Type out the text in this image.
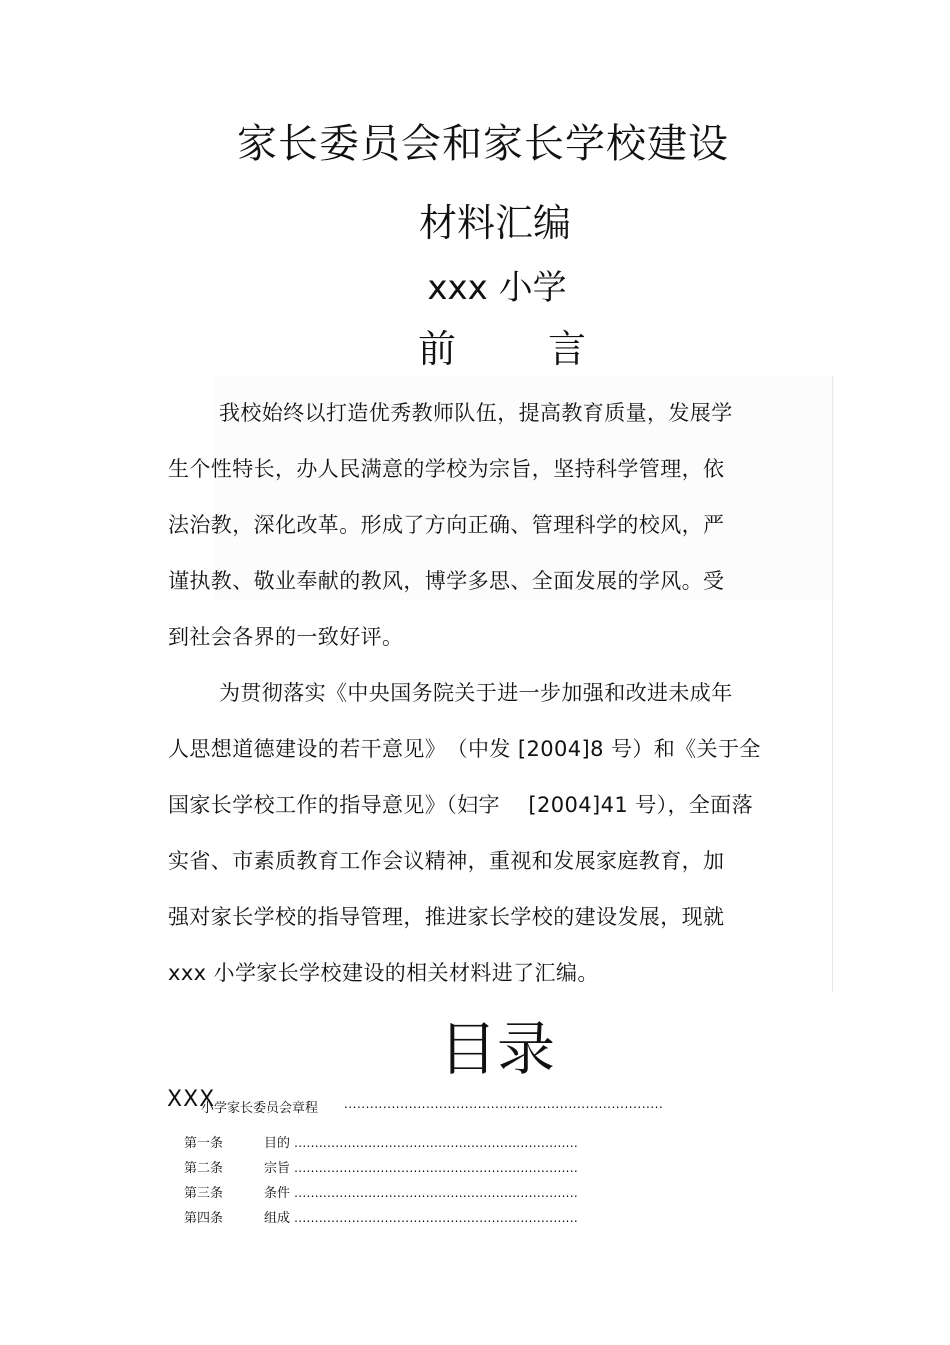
家长委员会和家长学校建设
材料汇编
xxx 小学
前 言
我校始终以打造优秀教师队伍，提高教育质量，发展学
生个性特长，办人民满意的学校为宗旨，坚持科学管理，依
法治教，深化改革。形成了方向正确、管理科学的校风，严
谨执教、敬业奉献的教风，博学多思、全面发展的学风。受
到社会各界的一致好评。
为贯彻落实《中央国务院关于进一步加强和改进未成年
人思想道德建设的若干意见》　（中发 [2004]8 号）和《关于全
国家长学校工作的指导意见》（妇字　 [2004]41 号），全面落
实省、市素质教育工作会议精神，重视和发展家庭教育，加
强对家长学校的指导管理，推进家长学校的建设发展，现就
xxx 小学家长学校建设的相关材料进了汇编。
目录
XXX
小学家长委员会章程 ..........................................................................
第一条	目的 .....................................................................
第二条	宗旨 .....................................................................
第三条	条件 .....................................................................
第四条	组成 .....................................................................
